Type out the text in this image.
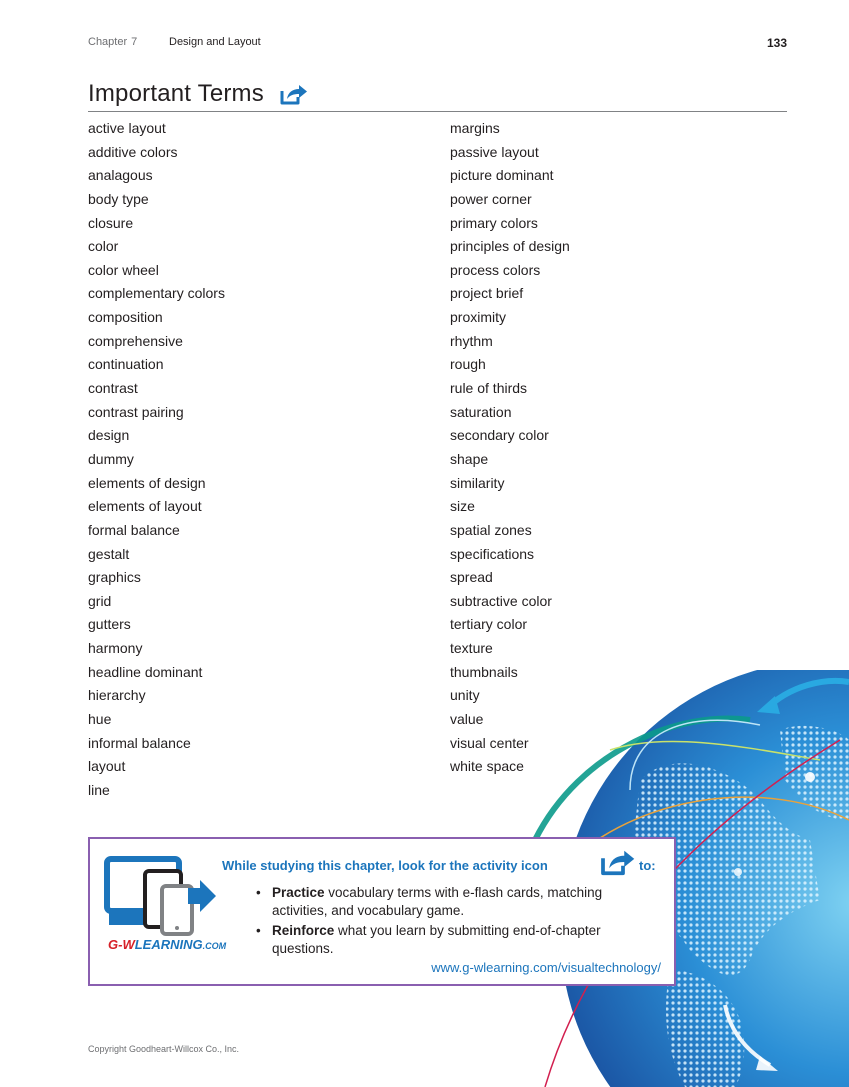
Chapter 7	Design and Layout	133
Important Terms
active layout
additive colors
analagous
body type
closure
color
color wheel
complementary colors
composition
comprehensive
continuation
contrast
contrast pairing
design
dummy
elements of design
elements of layout
formal balance
gestalt
graphics
grid
gutters
harmony
headline dominant
hierarchy
hue
informal balance
layout
line
margins
passive layout
picture dominant
power corner
primary colors
principles of design
process colors
project brief
proximity
rhythm
rough
rule of thirds
saturation
secondary color
shape
similarity
size
spatial zones
specifications
spread
subtractive color
tertiary color
texture
thumbnails
unity
value
visual center
white space
G-WLEARNING.COM
While studying this chapter, look for the activity icon	to:
• Practice vocabulary terms with e-flash cards, matching activities, and vocabulary game.
• Reinforce what you learn by submitting end-of-chapter questions.
www.g-wlearning.com/visualtechnology/
Copyright Goodheart-Willcox Co., Inc.
